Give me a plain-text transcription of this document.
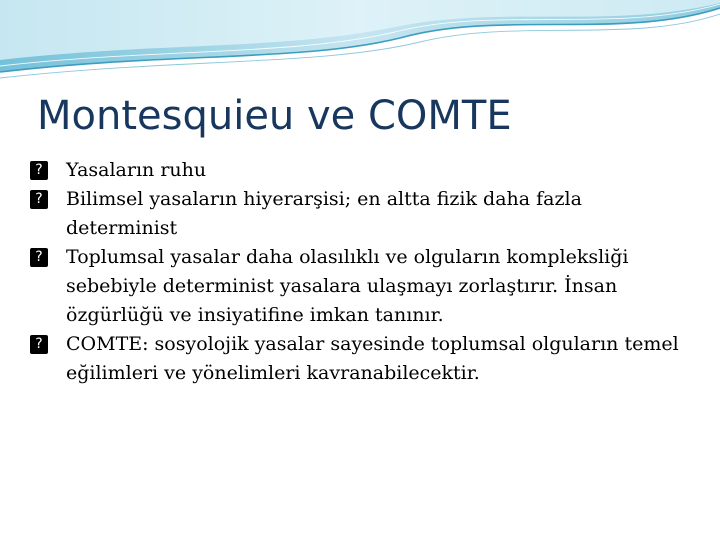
Montesquieu ve COMTE
? Yasaların ruhu
? Bilimsel yasaların hiyerarşisi; en altta fizik daha fazla determinist
? Toplumsal yasalar daha olasılıklı ve olguların kompleksliği sebebiyle determinist yasalara ulaşmayı zorlaştırır. İnsan özgürlüğü ve insiyatifine imkan tanınır.
? COMTE: sosyolojik yasalar sayesinde toplumsal olguların temel eğilimleri ve yönelimleri kavranabilecektir.
